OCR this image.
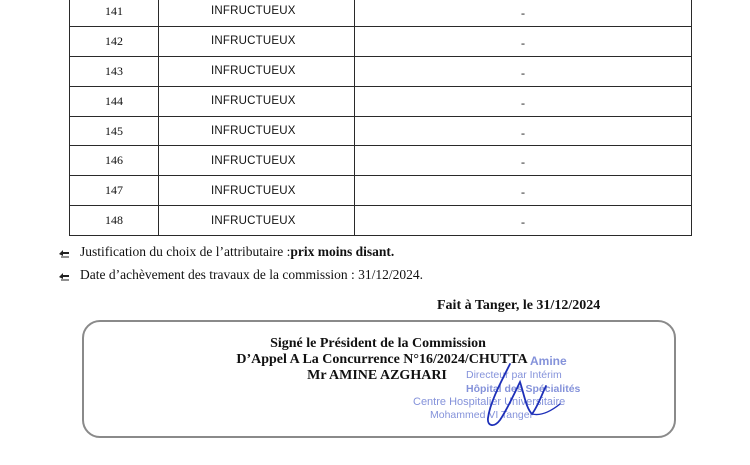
141	INFRUCTUEUX	-
142	INFRUCTUEUX	-
143	INFRUCTUEUX	-
144	INFRUCTUEUX	-
145	INFRUCTUEUX	-
146	INFRUCTUEUX	-
147	INFRUCTUEUX	-
148	INFRUCTUEUX	-
Justification du choix de l’attributaire : prix moins disant.
Date d’achèvement des travaux de la commission : 31/12/2024.
Fait à Tanger, le 31/12/2024
Amine
Directeur par Intérim
Hôpital des Spécialités
Centre Hospitalier Universitaire
Mohammed VI Tanger
Signé le Président de la Commission
D’Appel A La Concurrence N°16/2024/CHUTTA
Mr AMINE AZGHARI
